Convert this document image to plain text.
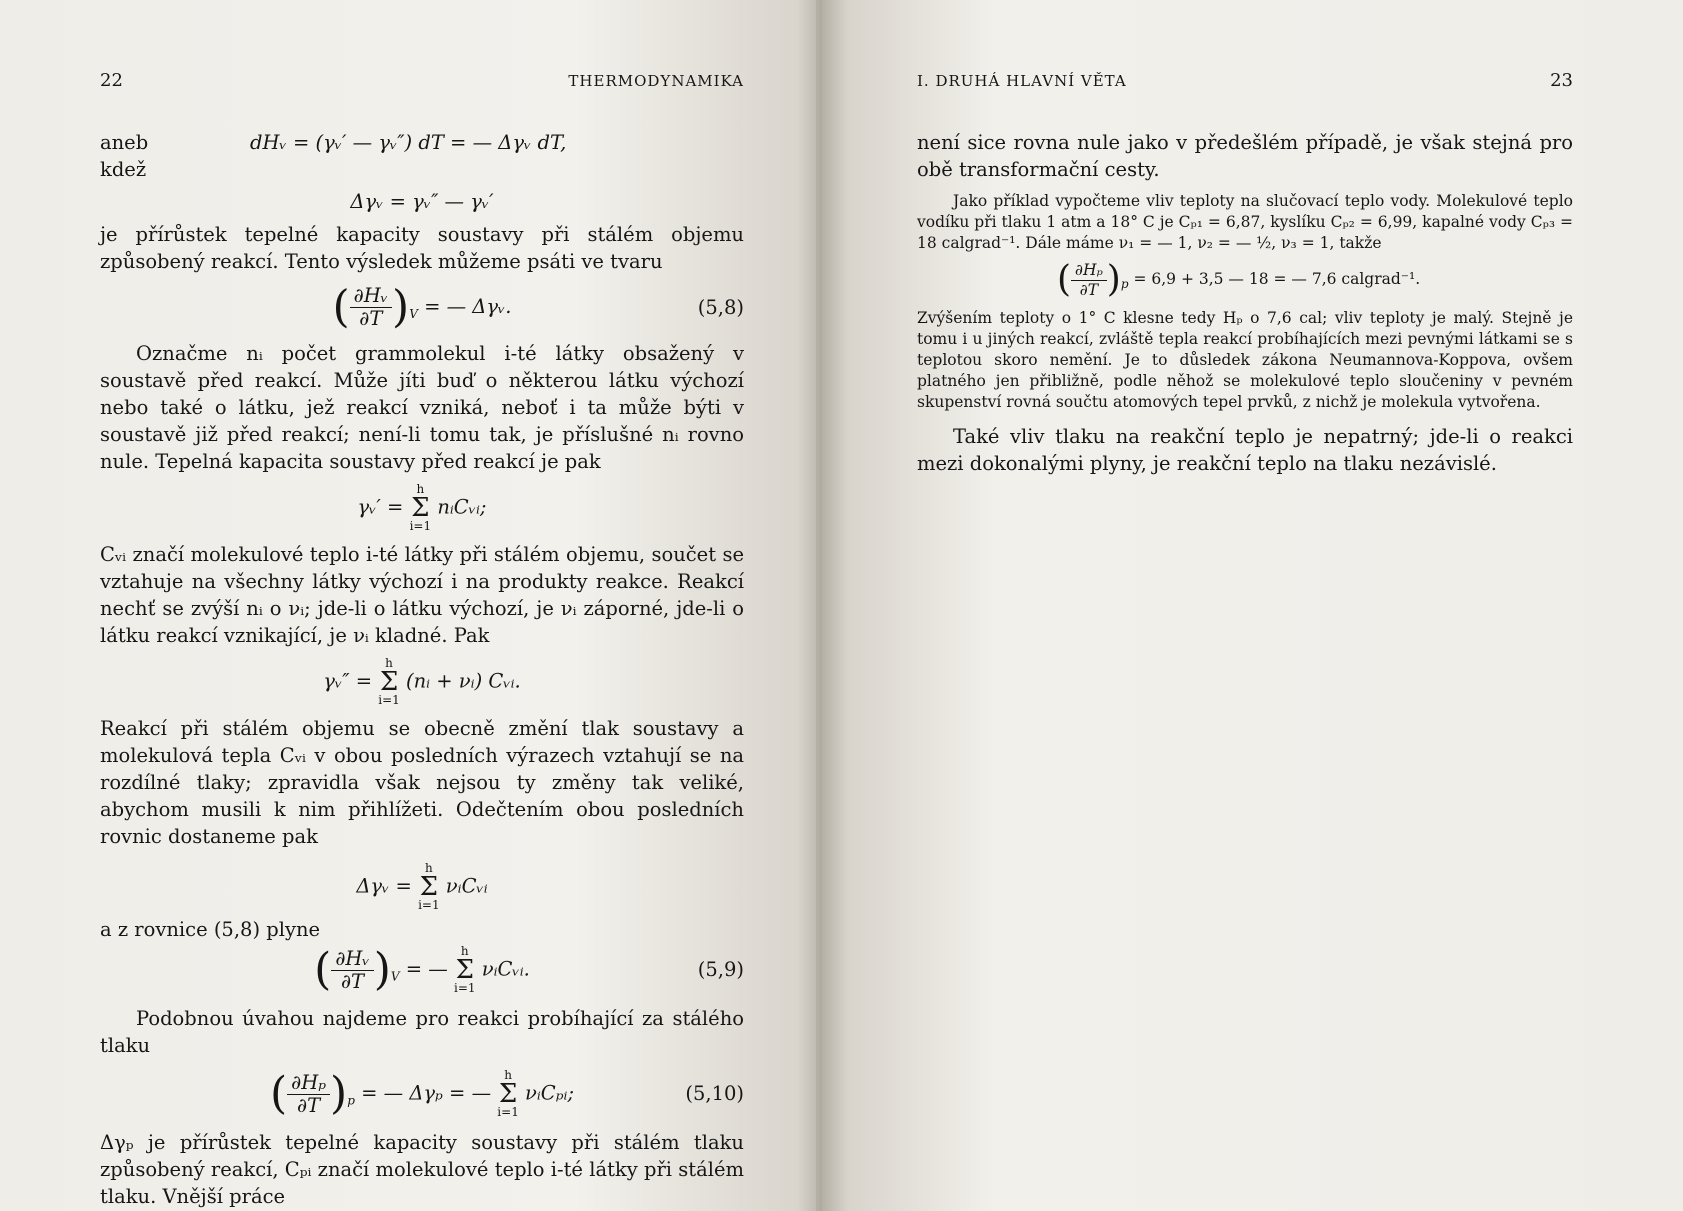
22	THERMODYNAMIKA
aneb	dHᵥ = (γᵥ′ — γᵥ″) dT = — Δγᵥ dT,
kdež
Δγᵥ = γᵥ″ — γᵥ′

je přírůstek tepelné kapacity soustavy při stálém objemu způsobený reakcí. Tento výsledek můžeme psáti ve tvaru

( $\frac{\text{∂Hᵥ}}{\partial T} )_V$ = — Δγᵥ.	(5,8)

Označme nᵢ počet grammolekul i-té látky obsažený v soustavě před reakcí. Může jíti buď o některou látku výchozí nebo také o látku, jež reakcí vzniká, neboť i ta může býti v soustavě již před reakcí; není-li tomu tak, je příslušné nᵢ rovno nule. Tepelná kapacita soustavy před reakcí je pak

γᵥ′ =
h
Σ
i=1
nᵢCᵥᵢ;

Cᵥᵢ značí molekulové teplo i-té látky při stálém objemu, součet se vztahuje na všechny látky výchozí i na produkty reakce. Reakcí nechť se zvýší nᵢ o νᵢ; jde-li o látku výchozí, je νᵢ záporné, jde-li o látku reakcí vznikající, je νᵢ kladné. Pak

γᵥ″ =
h
Σ
i=1
(nᵢ + νᵢ) Cᵥᵢ.

Reakcí při stálém objemu se obecně změní tlak soustavy a molekulová tepla Cᵥᵢ v obou posledních výrazech vztahují se na rozdílné tlaky; zpravidla však nejsou ty změny tak veliké, abychom musili k nim přihlížeti. Odečtením obou posledních rovnic dostaneme pak

Δγᵥ =
h
Σ
i=1
νᵢCᵥᵢ

a z rovnice (5,8) plyne

( $\frac{\text{∂Hᵥ}}{\partial T} )_V$ = —
h
Σ
i=1
νᵢCᵥᵢ.	(5,9)

Podobnou úvahou najdeme pro reakci probíhající za stálého tlaku

( $\frac{\text{∂Hₚ}}{\partial T} )_p$ = — Δγₚ = —
h
Σ
i=1
νᵢCₚᵢ;	(5,10)

Δγₚ je přírůstek tepelné kapacity soustavy při stálém tlaku způsobený reakcí, Cₚᵢ značí molekulové teplo i-té látky při stálém tlaku. Vnější práce

I. DRUHÁ HLAVNÍ VĚTA	23

není sice rovna nule jako v předešlém případě, je však stejná pro obě transformační cesty.

Jako příklad vypočteme vliv teploty na slučovací teplo vody. Molekulové teplo vodíku při tlaku 1 atm a 18° C je Cₚ₁ = 6,87, kyslíku Cₚ₂ = 6,99, kapalné vody Cₚ₃ = 18 calgrad⁻¹. Dále máme ν₁ = — 1, ν₂ = — ½, ν₃ = 1, takže

( $\frac{\text{∂Hₚ}}{\partial T} )_p = 6,9 + 3,5$ — 18 = — 7,6 calgrad⁻¹.

Zvýšením teploty o 1° C klesne tedy Hₚ o 7,6 cal; vliv teploty je malý. Stejně je tomu i u jiných reakcí, zvláště tepla reakcí probíhajících mezi pevnými látkami se s teplotou skoro nemění. Je to důsledek zákona Neumannova-Koppova, ovšem platného jen přibližně, podle něhož se molekulové teplo sloučeniny v pevném skupenství rovná součtu atomových tepel prvků, z nichž je molekula vytvořena.

Také vliv tlaku na reakční teplo je nepatrný; jde-li o reakci mezi dokonalými plyny, je reakční teplo na tlaku nezávislé.
